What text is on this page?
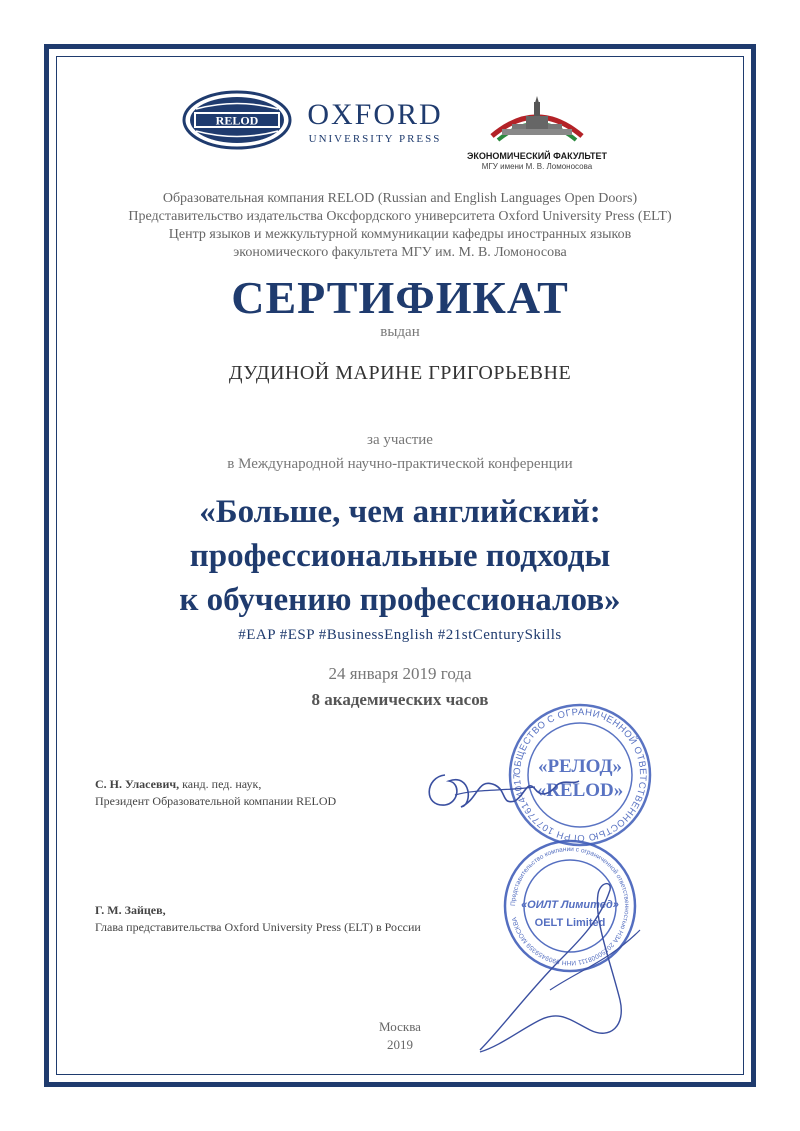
RELOD OXFORD
UNIVERSITY PRESS
ЭКОНОМИЧЕСКИЙ ФАКУЛЬТЕТ
МГУ имени М. В. Ломоносова
Образовательная компания RELOD (Russian and English Languages Open Doors)
Представительство издательства Оксфордского университета Oxford University Press (ELT)
Центр языков и межкультурной коммуникации кафедры иностранных языков
экономического факультета МГУ им. М. В. Ломоносова
СЕРТИФИКАТ
выдан
ДУДИНОЙ МАРИНЕ ГРИГОРЬЕВНЕ
за участие
в Международной научно-практической конференции
«Больше, чем английский:
профессиональные подходы
к обучению профессионалов»
#EAP #ESP #BusinessEnglish #21stCenturySkills
24 января 2019 года
8 академических часов
С. Н. Уласевич, канд. пед. наук,
Президент Образовательной компании RELOD
Г. М. Зайцев,
Глава представительства Oxford University Press (ELT) в России
ОБЩЕСТВО С ОГРАНИЧЕННОЙ ОТВЕТСТВЕННОСТЬЮ ОГРН 107776144017 «РЕЛОД»
«RELOD»
Представительство компании с ограниченной ответственностью НЗА 20150008111 ИНН 9909459359 МОСКВА
«ОИЛТ Лимитед»
OELT Limited
Москва
2019
